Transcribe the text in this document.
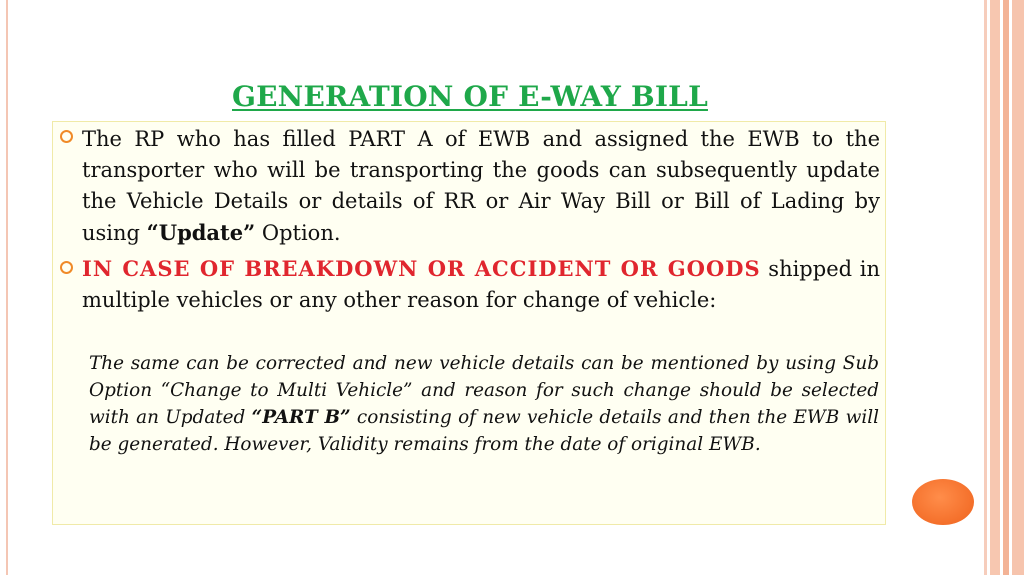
GENERATION OF E-WAY BILL
The RP who has filled PART A of EWB and assigned the EWB to the transporter who will be transporting the goods can subsequently update the Vehicle Details or details of RR or Air Way Bill or Bill of Lading by using “Update” Option.
IN CASE OF BREAKDOWN OR ACCIDENT OR GOODS shipped in multiple vehicles or any other reason for change of vehicle:
The same can be corrected and new vehicle details can be mentioned by using Sub Option “Change to Multi Vehicle” and reason for such change should be selected with an Updated “PART B” consisting of new vehicle details and then the EWB will be generated. However, Validity remains from the date of original EWB.
